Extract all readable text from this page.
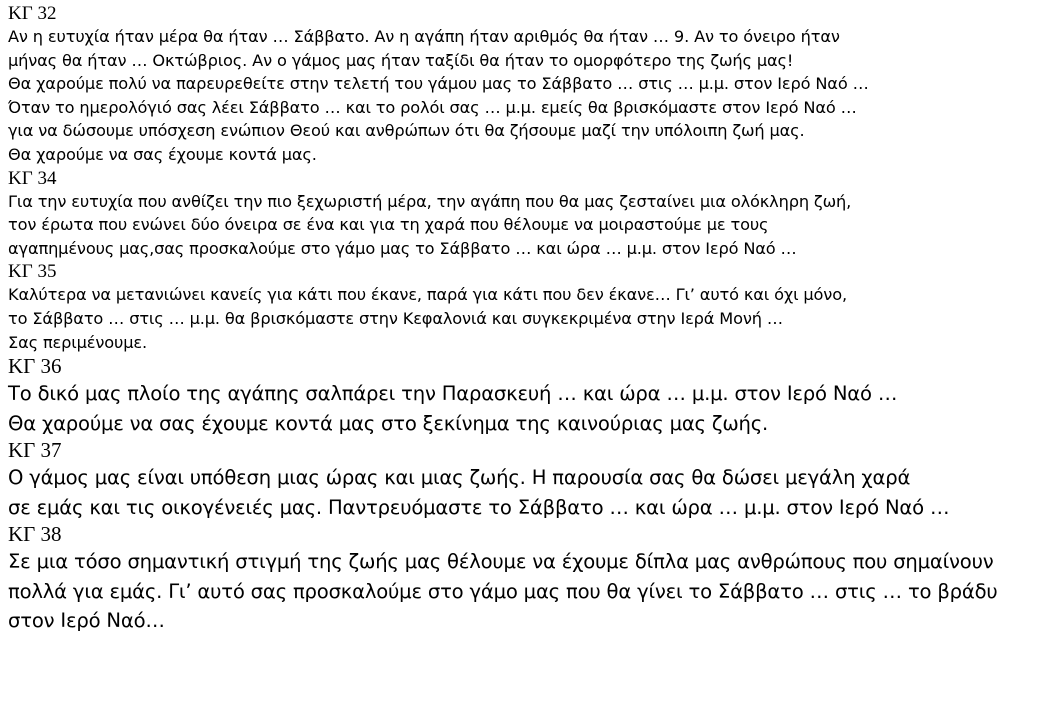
ΚΓ 32
Αν η ευτυχία ήταν μέρα θα ήταν … Σάββατο. Αν η αγάπη ήταν αριθμός θα ήταν … 9. Αν το όνειρο ήταν
μήνας θα ήταν … Οκτώβριος. Αν ο γάμος μας ήταν ταξίδι θα ήταν το ομορφότερο της ζωής μας!
Θα χαρούμε πολύ να παρευρεθείτε στην τελετή του γάμου μας το Σάββατο … στις … μ.μ. στον Ιερό Ναό …
Όταν το ημερολόγιό σας λέει Σάββατο … και το ρολόι σας … μ.μ. εμείς θα βρισκόμαστε στον Ιερό Ναό …
για να δώσουμε υπόσχεση ενώπιον Θεού και ανθρώπων ότι θα ζήσουμε μαζί την υπόλοιπη ζωή μας.
Θα χαρούμε να σας έχουμε κοντά μας.
ΚΓ 34
Για την ευτυχία που ανθίζει την πιο ξεχωριστή μέρα, την αγάπη που θα μας ζεσταίνει μια ολόκληρη ζωή,
τον έρωτα που ενώνει δύο όνειρα σε ένα και για τη χαρά που θέλουμε να μοιραστούμε με τους
αγαπημένους μας,σας προσκαλούμε στο γάμο μας το Σάββατο … και ώρα … μ.μ. στον Ιερό Ναό …
ΚΓ 35
Καλύτερα να μετανιώνει κανείς για κάτι που έκανε, παρά για κάτι που δεν έκανε… Γι’ αυτό και όχι μόνο,
το Σάββατο … στις … μ.μ. θα βρισκόμαστε στην Κεφαλονιά και συγκεκριμένα στην Ιερά Μονή …
Σας περιμένουμε.
ΚΓ 36
Το δικό μας πλοίο της αγάπης σαλπάρει την Παρασκευή … και ώρα … μ.μ. στον Ιερό Ναό …
Θα χαρούμε να σας έχουμε κοντά μας στο ξεκίνημα της καινούριας μας ζωής.
ΚΓ 37
Ο γάμος μας είναι υπόθεση μιας ώρας και μιας ζωής. Η παρουσία σας θα δώσει μεγάλη χαρά
σε εμάς και τις οικογένειές μας. Παντρευόμαστε το Σάββατο … και ώρα … μ.μ. στον Ιερό Ναό …
ΚΓ 38
Σε μια τόσο σημαντική στιγμή της ζωής μας θέλουμε να έχουμε δίπλα μας ανθρώπους που σημαίνουν
πολλά για εμάς. Γι’ αυτό σας προσκαλούμε στο γάμο μας που θα γίνει το Σάββατο … στις … το βράδυ
στον Ιερό Ναό…
